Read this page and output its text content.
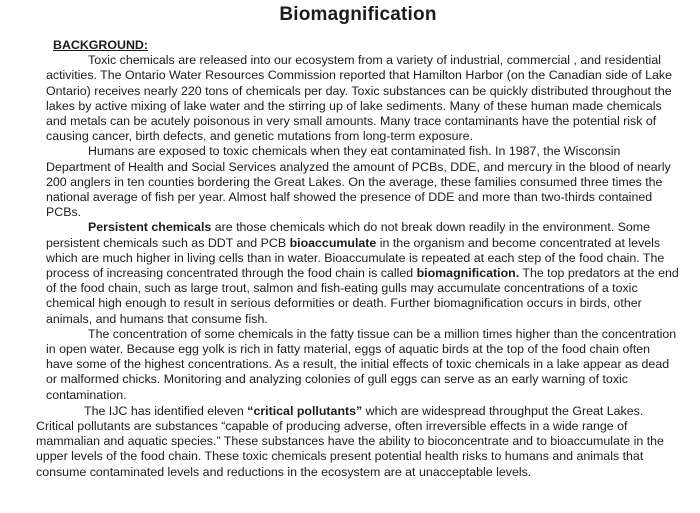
Biomagnification
BACKGROUND:

Toxic chemicals are released into our ecosystem from a variety of industrial, commercial , and residential activities. The Ontario Water Resources Commission reported that Hamilton Harbor (on the Canadian side of Lake Ontario) receives nearly 220 tons of chemicals per day. Toxic substances can be quickly distributed throughout the lakes by active mixing of lake water and the stirring up of lake sediments. Many of these human made chemicals and metals can be acutely poisonous in very small amounts. Many trace contaminants have the potential risk of causing cancer, birth defects, and genetic mutations from long-term exposure.

Humans are exposed to toxic chemicals when they eat contaminated fish. In 1987, the Wisconsin Department of Health and Social Services analyzed the amount of PCBs, DDE, and mercury in the blood of nearly 200 anglers in ten counties bordering the Great Lakes. On the average, these families consumed three times the national average of fish per year. Almost half showed the presence of DDE and more than two-thirds contained PCBs.

Persistent chemicals are those chemicals which do not break down readily in the environment. Some persistent chemicals such as DDT and PCB bioaccumulate in the organism and become concentrated at levels which are much higher in living cells than in water. Bioaccumulate is repeated at each step of the food chain. The process of increasing concentrated through the food chain is called biomagnification. The top predators at the end of the food chain, such as large trout, salmon and fish-eating gulls may accumulate concentrations of a toxic chemical high enough to result in serious deformities or death. Further biomagnification occurs in birds, other animals, and humans that consume fish.

The concentration of some chemicals in the fatty tissue can be a million times higher than the concentration in open water. Because egg yolk is rich in fatty material, eggs of aquatic birds at the top of the food chain often have some of the highest concentrations. As a result, the initial effects of toxic chemicals in a lake appear as dead or malformed chicks. Monitoring and analyzing colonies of gull eggs can serve as an early warning of toxic contamination.

The IJC has identified eleven “critical pollutants” which are widespread throughput the Great Lakes. Critical pollutants are substances “capable of producing adverse, often irreversible effects in a wide range of mammalian and aquatic species.” These substances have the ability to bioconcentrate and to bioaccumulate in the upper levels of the food chain. These toxic chemicals present potential health risks to humans and animals that consume contaminated levels and reductions in the ecosystem are at unacceptable levels.
